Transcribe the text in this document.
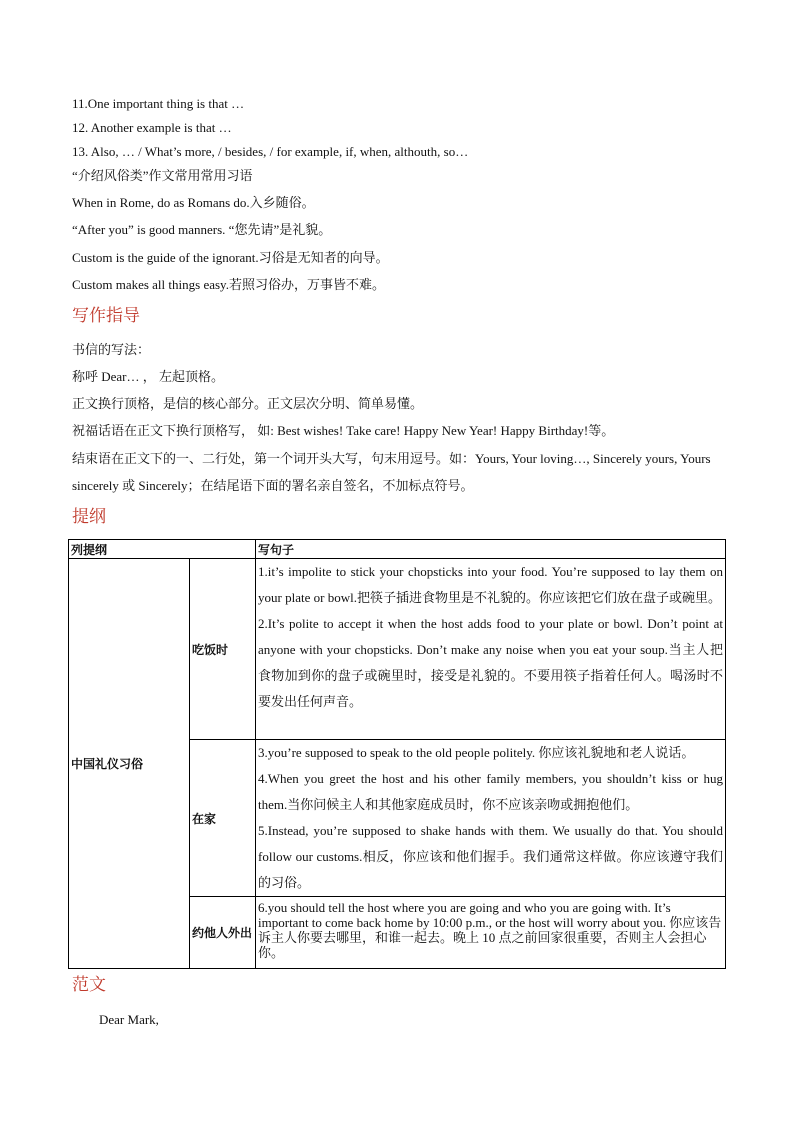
11.One important thing is that …
12. Another example is that …
13. Also, … / What’s more, / besides, / for example, if, when, althouth, so…
“介绍风俗类”作文常用常用习语
When in Rome, do as Romans do.入乡随俗。
“After you” is good manners. “您先请”是礼貌。
Custom is the guide of the ignorant.习俗是无知者的向导。
Custom makes all things easy.若照习俗办，万事皆不难。
写作指导
书信的写法：
称呼 Dear… ， 左起顶格。
正文换行顶格，是信的核心部分。正文层次分明、简单易懂。
祝福话语在正文下换行顶格写， 如: Best wishes! Take care! Happy New Year! Happy Birthday!等。
结束语在正文下的一、二行处，第一个词开头大写，句末用逗号。如：Yours, Your loving…, Sincerely yours, Yours sincerely 或 Sincerely；在结尾语下面的署名亲自签名，不加标点符号。
提纲
列提纲		写句子
中国礼仪习俗	吃饭时	1.it’s impolite to stick your chopsticks into your food. You’re supposed to lay them on your plate or bowl.把筷子插进食物里是不礼貌的。你应该把它们放在盘子或碗里。

2.It’s polite to accept it when the host adds food to your plate or bowl. Don’t point at anyone with your chopsticks. Don’t make any noise when you eat your soup.当主人把食物加到你的盘子或碗里时，接受是礼貌的。不要用筷子指着任何人。喝汤时不要发出任何声音。

	在家	3.you’re supposed to speak to the old people politely. 你应该礼貌地和老人说话。

4.When you greet the host and his other family members, you shouldn’t kiss or hug them.当你问候主人和其他家庭成员时，你不应该亲吻或拥抱他们。

5.Instead, you’re supposed to shake hands with them. We usually do that. You should follow our customs.相反，你应该和他们握手。我们通常这样做。你应该遵守我们的习俗。

	约他人外出	6.you should tell the host where you are going and who you are going with. It’s important to come back home by 10:00 p.m., or the host will worry about you. 你应该告诉主人你要去哪里，和谁一起去。晚上 10 点之前回家很重要，否则主人会担心你。

范文
Dear Mark,
